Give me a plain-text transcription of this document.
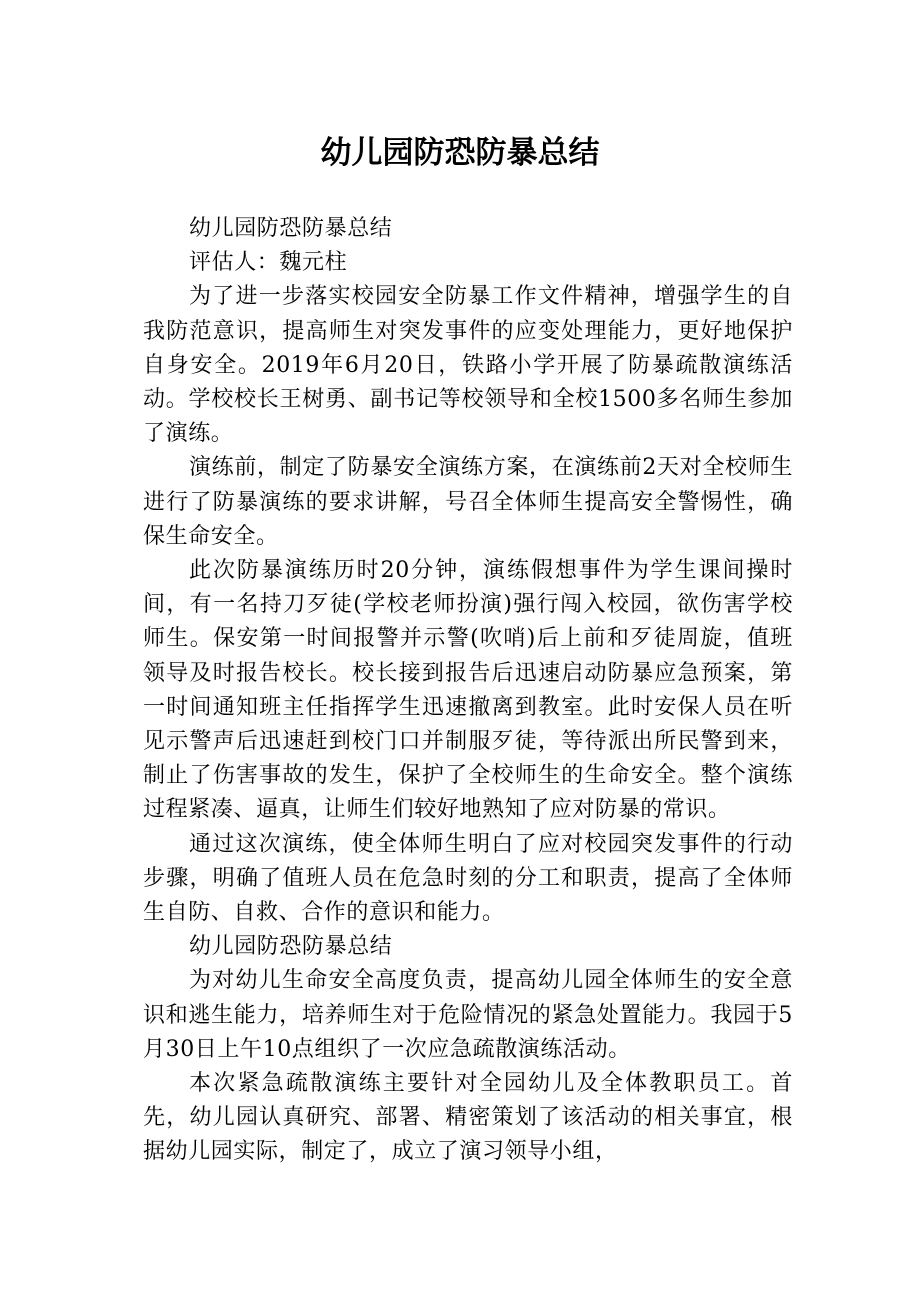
幼儿园防恐防暴总结

幼儿园防恐防暴总结

评估人：魏元柱

为了进一步落实校园安全防暴工作文件精神，增强学生的自我防范意识，提高师生对突发事件的应变处理能力，更好地保护自身安全。2019年6月20日，铁路小学开展了防暴疏散演练活动。学校校长王树勇、副书记等校领导和全校1500多名师生参加了演练。

演练前，制定了防暴安全演练方案，在演练前2天对全校师生进行了防暴演练的要求讲解，号召全体师生提高安全警惕性，确保生命安全。

此次防暴演练历时20分钟，演练假想事件为学生课间操时间，有一名持刀歹徒(学校老师扮演)强行闯入校园，欲伤害学校师生。保安第一时间报警并示警(吹哨)后上前和歹徒周旋，值班领导及时报告校长。校长接到报告后迅速启动防暴应急预案，第一时间通知班主任指挥学生迅速撤离到教室。此时安保人员在听见示警声后迅速赶到校门口并制服歹徒，等待派出所民警到来，制止了伤害事故的发生，保护了全校师生的生命安全。整个演练过程紧凑、逼真，让师生们较好地熟知了应对防暴的常识。

通过这次演练，使全体师生明白了应对校园突发事件的行动步骤，明确了值班人员在危急时刻的分工和职责，提高了全体师生自防、自救、合作的意识和能力。

幼儿园防恐防暴总结

为对幼儿生命安全高度负责，提高幼儿园全体师生的安全意识和逃生能力，培养师生对于危险情况的紧急处置能力。我园于5月30日上午10点组织了一次应急疏散演练活动。

本次紧急疏散演练主要针对全园幼儿及全体教职员工。首先，幼儿园认真研究、部署、精密策划了该活动的相关事宜，根据幼儿园实际，制定了，成立了演习领导小组，
